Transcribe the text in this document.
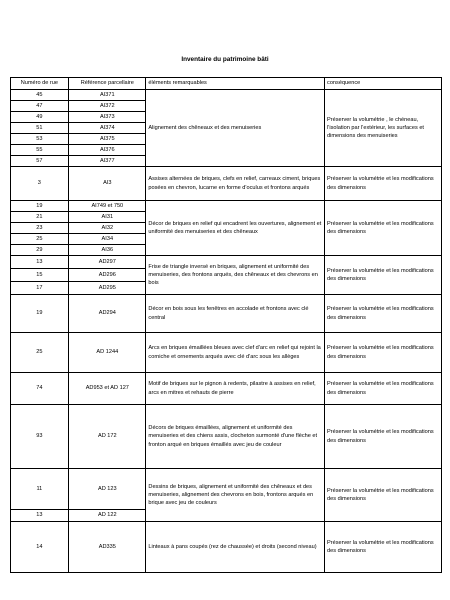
Inventaire du patrimoine bâti
	Numéro de rue	Référence parcellaire	éléments remarquables	conséquence
	45	AI371	Alignement des chêneaux et des menuiseries	Préserver la volumétrie , le chéneau, l'isolation par l'extérieur, les surfaces et dimensions des menuiseries
	47	AI372		
	49	AI373		
	51	AI374		
	53	AI375		
	55	AI376		
	57	AI377		
	3	AI3	Assises alternées de briques, clefs en relief, carreaux ciment, briques posées en chevron, lucarne en forme d'oculus et frontons arqués	Préserver la volumétrie et les modifications des dimensions
	19	AI749 et 750	Décor de briques en relief qui encadrent les ouvertures, alignement et uniformité des menuiseries et des chêneaux	Préserver la volumétrie et les modifications des dimensions
	21	AI31		
	23	AI32		
	25	AI34		
	29	AI36		
	13	AD297	Frise de triangle inversé en briques, alignement et uniformité des menuiseries, des frontons arqués, des chêneaux et des chevrons en bois	Préserver la volumétrie et les modifications des dimensions
	15	AD296		
	17	AD295		
	19	AD294	Décor en bois sous les fenêtres en accolade et frontons avec clé central	Préserver la volumétrie et les modifications des dimensions
	25	AD 1244	Arcs en briques émaillées bleues avec clef d'arc en relief qui rejoint la corniche et ornements arqués avec clé d'arc sous les allèges	Préserver la volumétrie et les modifications des dimensions
	74	AD953 et AD 127	Motif de briques sur le pignon à redents, pilastre à assises en relief, arcs en mitres et rehauts de pierre	Préserver la volumétrie et les modifications des dimensions
	93	AD 172	Décors de briques émaillées, alignement et uniformité des menuiseries et des chiens assis, clocheton surmonté d'une flèche et fronton arqué en briques émaillés avec jeu de couleur	Préserver la volumétrie et les modifications des dimensions
	11	AD 123	Dessins de briques, alignement et uniformité des chêneaux et des menuiseries, alignement des chevrons en bois, frontons arqués en brique avec jeu de couleurs	Préserver la volumétrie et les modifications des dimensions
	13	AD 122		
	14	AD335	Linteaux à pans coupés (rez de chaussée) et droits (second niveau)	Préserver la volumétrie et les modifications des dimensions
